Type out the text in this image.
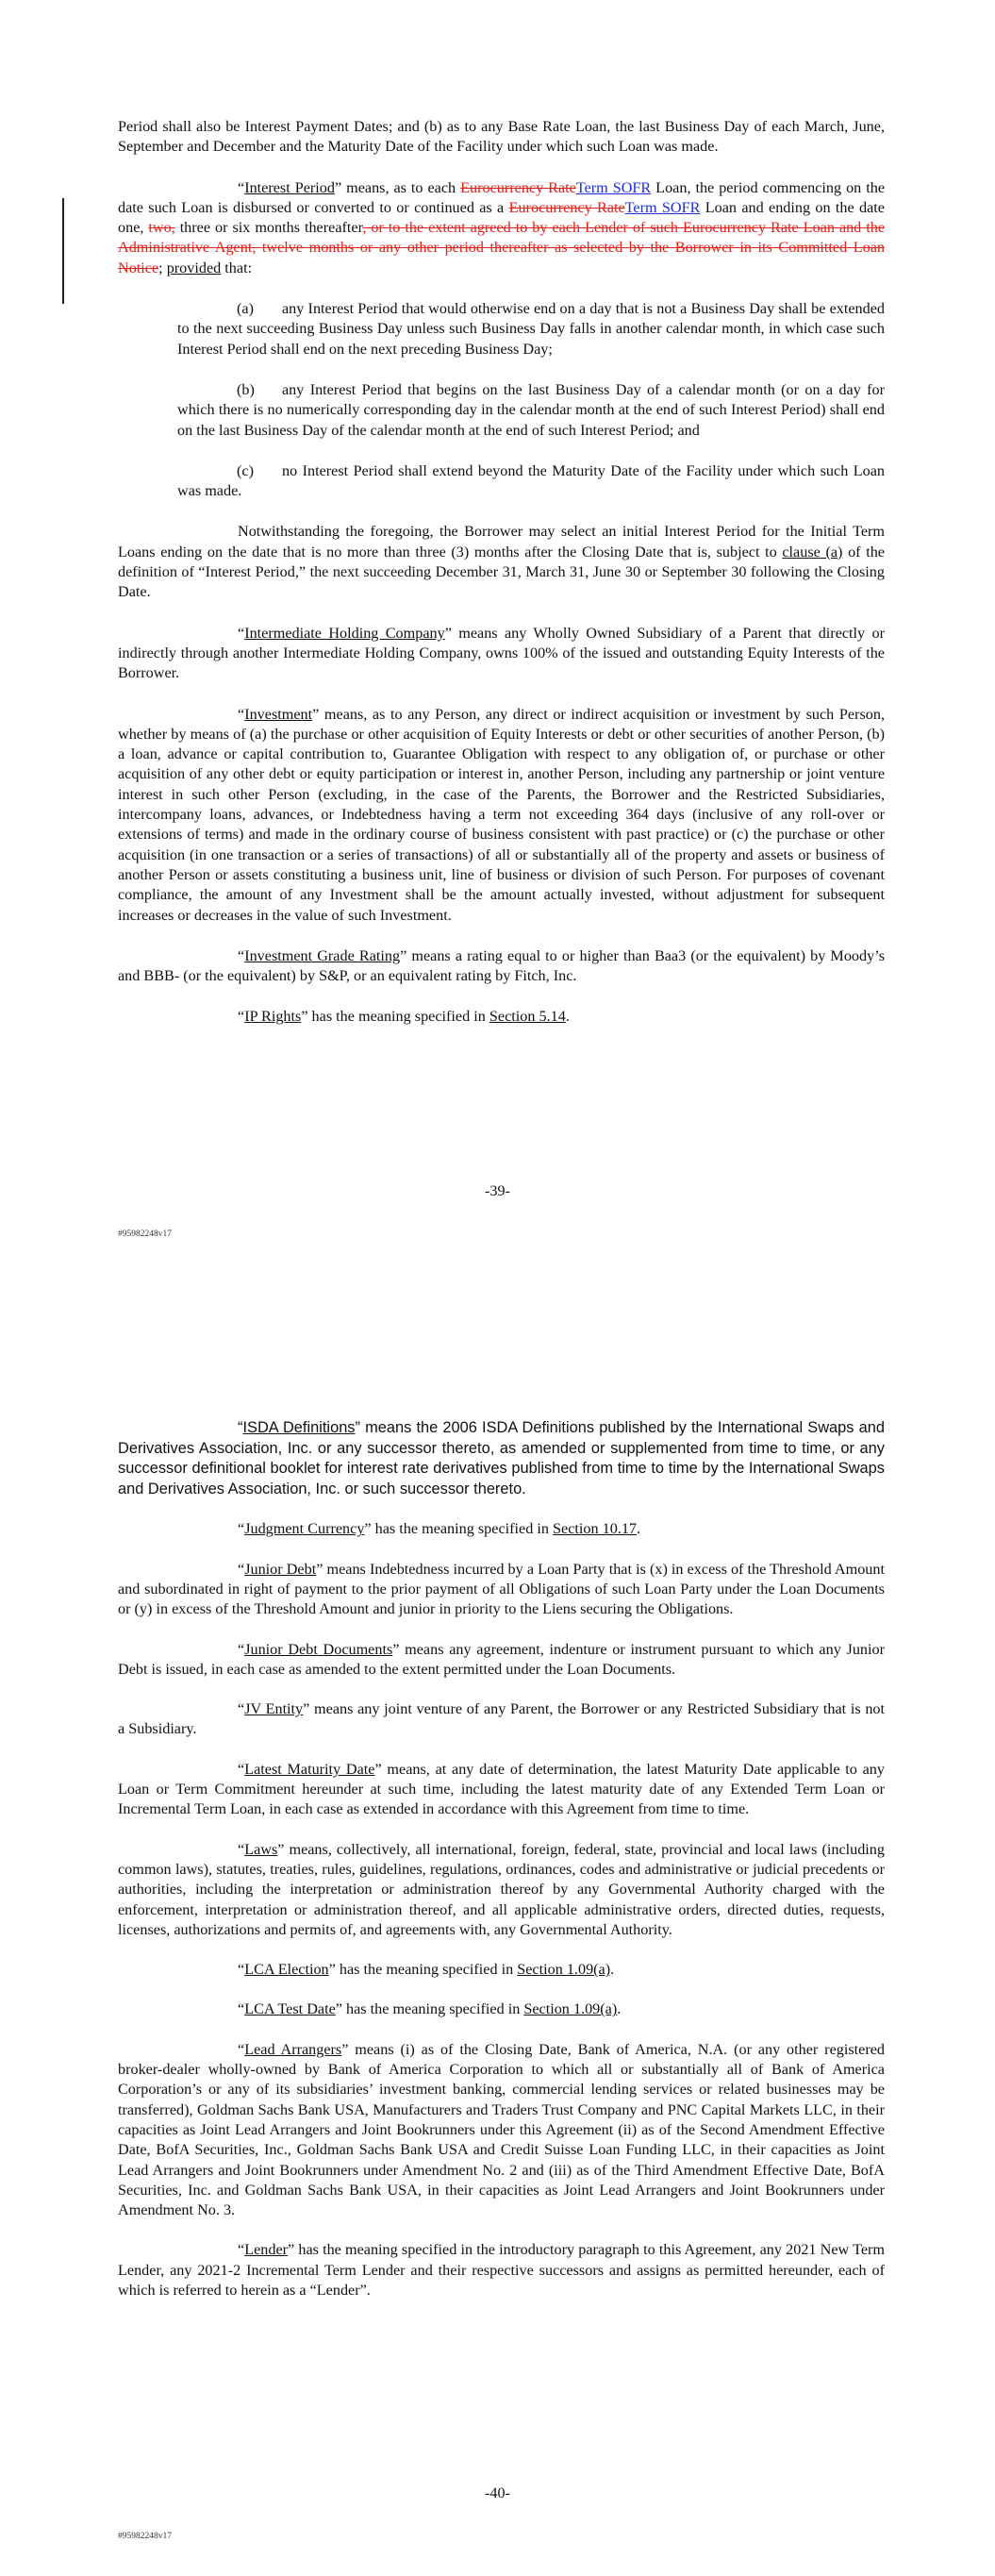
Period shall also be Interest Payment Dates; and (b) as to any Base Rate Loan, the last Business Day of each March, June, September and December and the Maturity Date of the Facility under which such Loan was made.

“Interest Period” means, as to each Eurocurrency RateTerm SOFR Loan, the period commencing on the date such Loan is disbursed or converted to or continued as a Eurocurrency RateTerm SOFR Loan and ending on the date one, two, three or six months thereafter, or to the extent agreed to by each Lender of such Eurocurrency Rate Loan and the Administrative Agent, twelve months or any other period thereafter as selected by the Borrower in its Committed Loan Notice; provided that:

(a) any Interest Period that would otherwise end on a day that is not a Business Day shall be extended to the next succeeding Business Day unless such Business Day falls in another calendar month, in which case such Interest Period shall end on the next preceding Business Day;

(b) any Interest Period that begins on the last Business Day of a calendar month (or on a day for which there is no numerically corresponding day in the calendar month at the end of such Interest Period) shall end on the last Business Day of the calendar month at the end of such Interest Period; and

(c) no Interest Period shall extend beyond the Maturity Date of the Facility under which such Loan was made.

Notwithstanding the foregoing, the Borrower may select an initial Interest Period for the Initial Term Loans ending on the date that is no more than three (3) months after the Closing Date that is, subject to clause (a) of the definition of “Interest Period,” the next succeeding December 31, March 31, June 30 or September 30 following the Closing Date.

“Intermediate Holding Company” means any Wholly Owned Subsidiary of a Parent that directly or indirectly through another Intermediate Holding Company, owns 100% of the issued and outstanding Equity Interests of the Borrower.

“Investment” means, as to any Person, any direct or indirect acquisition or investment by such Person, whether by means of (a) the purchase or other acquisition of Equity Interests or debt or other securities of another Person, (b) a loan, advance or capital contribution to, Guarantee Obligation with respect to any obligation of, or purchase or other acquisition of any other debt or equity participation or interest in, another Person, including any partnership or joint venture interest in such other Person (excluding, in the case of the Parents, the Borrower and the Restricted Subsidiaries, intercompany loans, advances, or Indebtedness having a term not exceeding 364 days (inclusive of any roll-over or extensions of terms) and made in the ordinary course of business consistent with past practice) or (c) the purchase or other acquisition (in one transaction or a series of transactions) of all or substantially all of the property and assets or business of another Person or assets constituting a business unit, line of business or division of such Person. For purposes of covenant compliance, the amount of any Investment shall be the amount actually invested, without adjustment for subsequent increases or decreases in the value of such Investment.

“Investment Grade Rating” means a rating equal to or higher than Baa3 (or the equivalent) by Moody’s and BBB- (or the equivalent) by S&P, or an equivalent rating by Fitch, Inc.

“IP Rights” has the meaning specified in Section 5.14.

-39-
#95982248v17

“ISDA Definitions” means the 2006 ISDA Definitions published by the International Swaps and Derivatives Association, Inc. or any successor thereto, as amended or supplemented from time to time, or any successor definitional booklet for interest rate derivatives published from time to time by the International Swaps and Derivatives Association, Inc. or such successor thereto.

“Judgment Currency” has the meaning specified in Section 10.17.

“Junior Debt” means Indebtedness incurred by a Loan Party that is (x) in excess of the Threshold Amount and subordinated in right of payment to the prior payment of all Obligations of such Loan Party under the Loan Documents or (y) in excess of the Threshold Amount and junior in priority to the Liens securing the Obligations.

“Junior Debt Documents” means any agreement, indenture or instrument pursuant to which any Junior Debt is issued, in each case as amended to the extent permitted under the Loan Documents.

“JV Entity” means any joint venture of any Parent, the Borrower or any Restricted Subsidiary that is not a Subsidiary.

“Latest Maturity Date” means, at any date of determination, the latest Maturity Date applicable to any Loan or Term Commitment hereunder at such time, including the latest maturity date of any Extended Term Loan or Incremental Term Loan, in each case as extended in accordance with this Agreement from time to time.

“Laws” means, collectively, all international, foreign, federal, state, provincial and local laws (including common laws), statutes, treaties, rules, guidelines, regulations, ordinances, codes and administrative or judicial precedents or authorities, including the interpretation or administration thereof by any Governmental Authority charged with the enforcement, interpretation or administration thereof, and all applicable administrative orders, directed duties, requests, licenses, authorizations and permits of, and agreements with, any Governmental Authority.

“LCA Election” has the meaning specified in Section 1.09(a).

“LCA Test Date” has the meaning specified in Section 1.09(a).

“Lead Arrangers” means (i) as of the Closing Date, Bank of America, N.A. (or any other registered broker-dealer wholly-owned by Bank of America Corporation to which all or substantially all of Bank of America Corporation’s or any of its subsidiaries’ investment banking, commercial lending services or related businesses may be transferred), Goldman Sachs Bank USA, Manufacturers and Traders Trust Company and PNC Capital Markets LLC, in their capacities as Joint Lead Arrangers and Joint Bookrunners under this Agreement (ii) as of the Second Amendment Effective Date, BofA Securities, Inc., Goldman Sachs Bank USA and Credit Suisse Loan Funding LLC, in their capacities as Joint Lead Arrangers and Joint Bookrunners under Amendment No. 2 and (iii) as of the Third Amendment Effective Date, BofA Securities, Inc. and Goldman Sachs Bank USA, in their capacities as Joint Lead Arrangers and Joint Bookrunners under Amendment No. 3.

“Lender” has the meaning specified in the introductory paragraph to this Agreement, any 2021 New Term Lender, any 2021-2 Incremental Term Lender and their respective successors and assigns as permitted hereunder, each of which is referred to herein as a “Lender”.

-40-
#95982248v17
